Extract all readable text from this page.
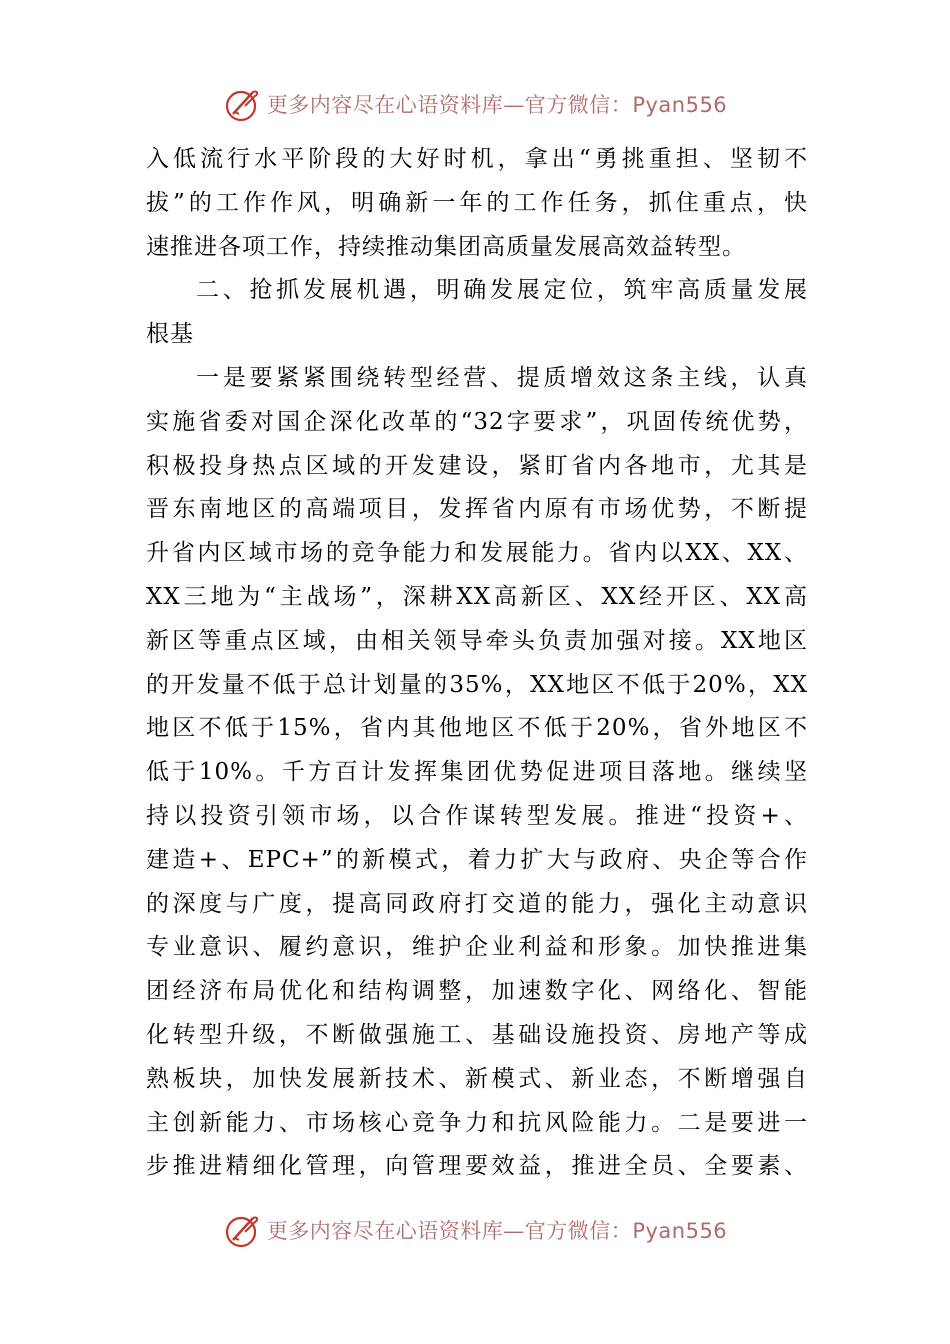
更多内容尽在心语资料库—官方微信：Pyan556
入低流行水平阶段的大好时机，拿出“勇挑重担、坚韧不
拔”的工作作风，明确新一年的工作任务，抓住重点，快
速推进各项工作，持续推动集团高质量发展高效益转型。
二、抢抓发展机遇，明确发展定位，筑牢高质量发展
根基
一是要紧紧围绕转型经营、提质增效这条主线，认真
实施省委对国企深化改革的“32字要求”，巩固传统优势，
积极投身热点区域的开发建设，紧盯省内各地市，尤其是
晋东南地区的高端项目，发挥省内原有市场优势，不断提
升省内区域市场的竞争能力和发展能力。省内以XX、XX、
XX三地为“主战场”，深耕XX高新区、XX经开区、XX高
新区等重点区域，由相关领导牵头负责加强对接。XX地区
的开发量不低于总计划量的35%，XX地区不低于20%，XX
地区不低于15%，省内其他地区不低于20%，省外地区不
低于10%。千方百计发挥集团优势促进项目落地。继续坚
持以投资引领市场，以合作谋转型发展。推进“投资+、
建造+、EPC+”的新模式，着力扩大与政府、央企等合作
的深度与广度，提高同政府打交道的能力，强化主动意识
专业意识、履约意识，维护企业利益和形象。加快推进集
团经济布局优化和结构调整，加速数字化、网络化、智能
化转型升级，不断做强施工、基础设施投资、房地产等成
熟板块，加快发展新技术、新模式、新业态，不断增强自
主创新能力、市场核心竞争力和抗风险能力。二是要进一
步推进精细化管理，向管理要效益，推进全员、全要素、
更多内容尽在心语资料库—官方微信：Pyan556
